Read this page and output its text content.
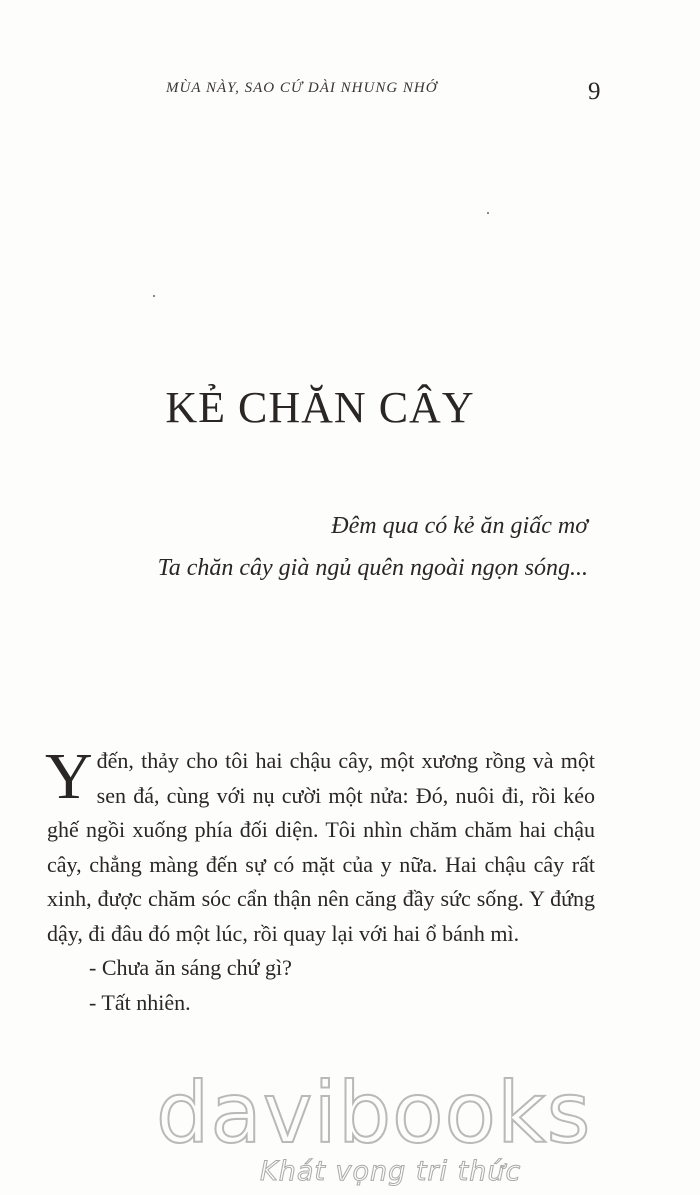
MÙA NÀY, SAO CỨ DÀI NHUNG NHỚ	9
KẺ CHĂN CÂY
Đêm qua có kẻ ăn giấc mơ
Ta chăn cây già ngủ quên ngoài ngọn sóng...

Yđến, thảy cho tôi hai chậu cây, một xương rồng và một sen đá, cùng với nụ cười một nửa: Đó, nuôi đi, rồi kéo ghế ngồi xuống phía đối diện. Tôi nhìn chăm chăm hai chậu cây, chẳng màng đến sự có mặt của y nữa. Hai chậu cây rất xinh, được chăm sóc cẩn thận nên căng đầy sức sống. Y đứng dậy, đi đâu đó một lúc, rồi quay lại với hai ổ bánh mì.

- Chưa ăn sáng chứ gì?

- Tất nhiên.

davibooks
Khát vọng tri thức
